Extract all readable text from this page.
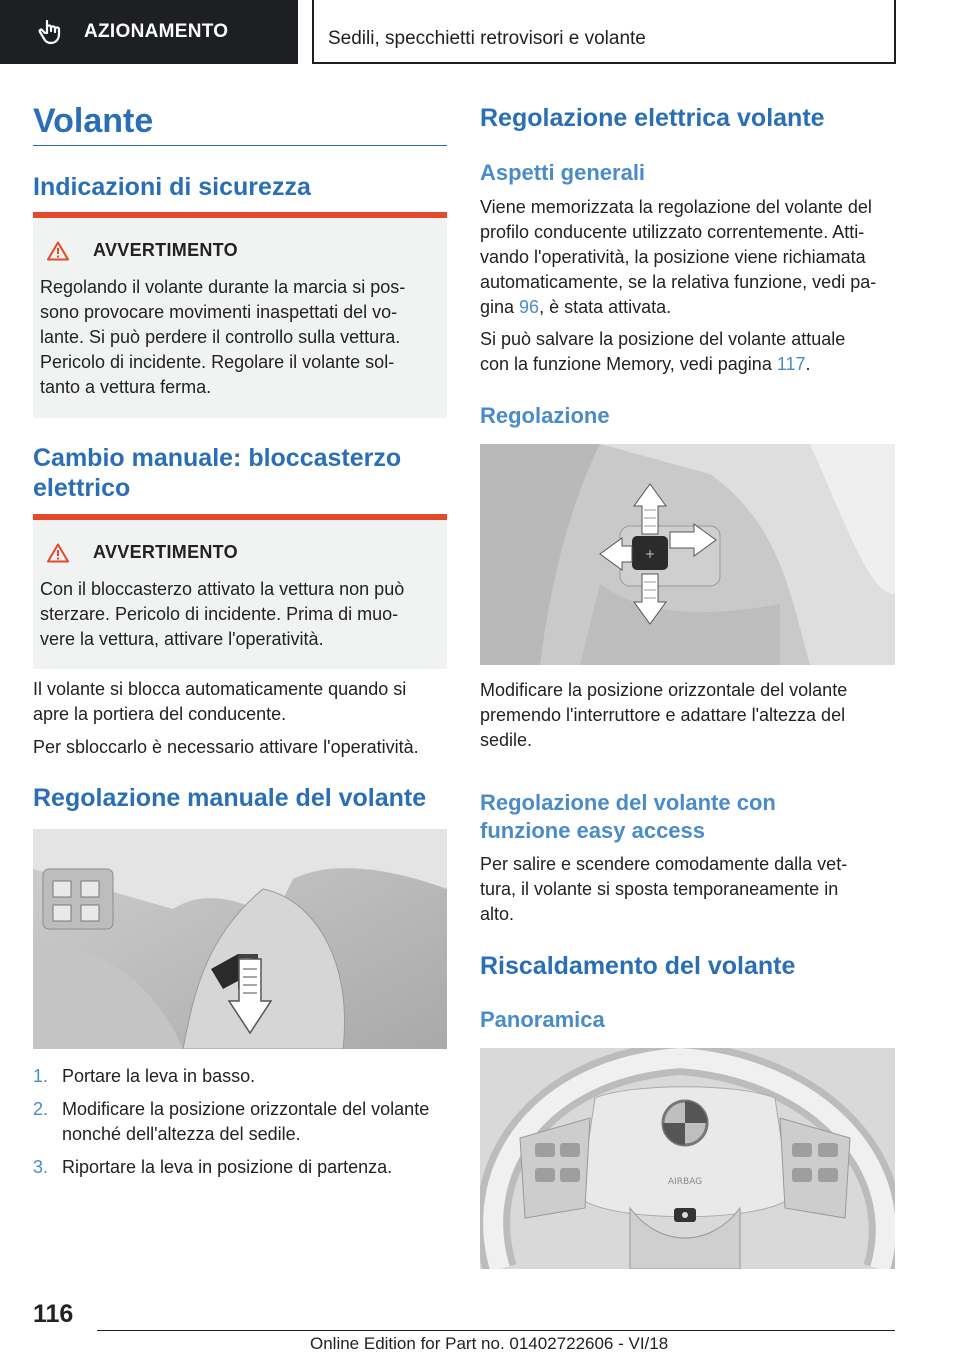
AZIONAMENTO	Sedili, specchietti retrovisori e volante
Volante
Indicazioni di sicurezza
AVVERTIMENTO
Regolando il volante durante la marcia si pos-
sono provocare movimenti inaspettati del vo-
lante. Si può perdere il controllo sulla vettura.
Pericolo di incidente. Regolare il volante sol-
tanto a vettura ferma.
Cambio manuale: bloccasterzo
elettrico
AVVERTIMENTO
Con il bloccasterzo attivato la vettura non può
sterzare. Pericolo di incidente. Prima di muo-
vere la vettura, attivare l'operatività.
Il volante si blocca automaticamente quando si
apre la portiera del conducente.

Per sbloccarlo è necessario attivare l'operatività.

Regolazione manuale del volante
1. Portare la leva in basso.
2. Modificare la posizione orizzontale del volante
nonché dell'altezza del sedile.
3. Riportare la leva in posizione di partenza.
Regolazione elettrica volante
Aspetti generali
Viene memorizzata la regolazione del volante del
profilo conducente utilizzato correntemente. Atti-
vando l'operatività, la posizione viene richiamata
automaticamente, se la relativa funzione, vedi pa-
gina 96, è stata attivata.
Si può salvare la posizione del volante attuale
con la funzione Memory, vedi pagina 117.
Regolazione
+
Modificare la posizione orizzontale del volante
premendo l'interruttore e adattare l'altezza del
sedile.
Regolazione del volante con
funzione easy access
Per salire e scendere comodamente dalla vet-
tura, il volante si sposta temporaneamente in
alto.
Riscaldamento del volante
Panoramica
AIRBAG
116
Online Edition for Part no. 01402722606 - VI/18
